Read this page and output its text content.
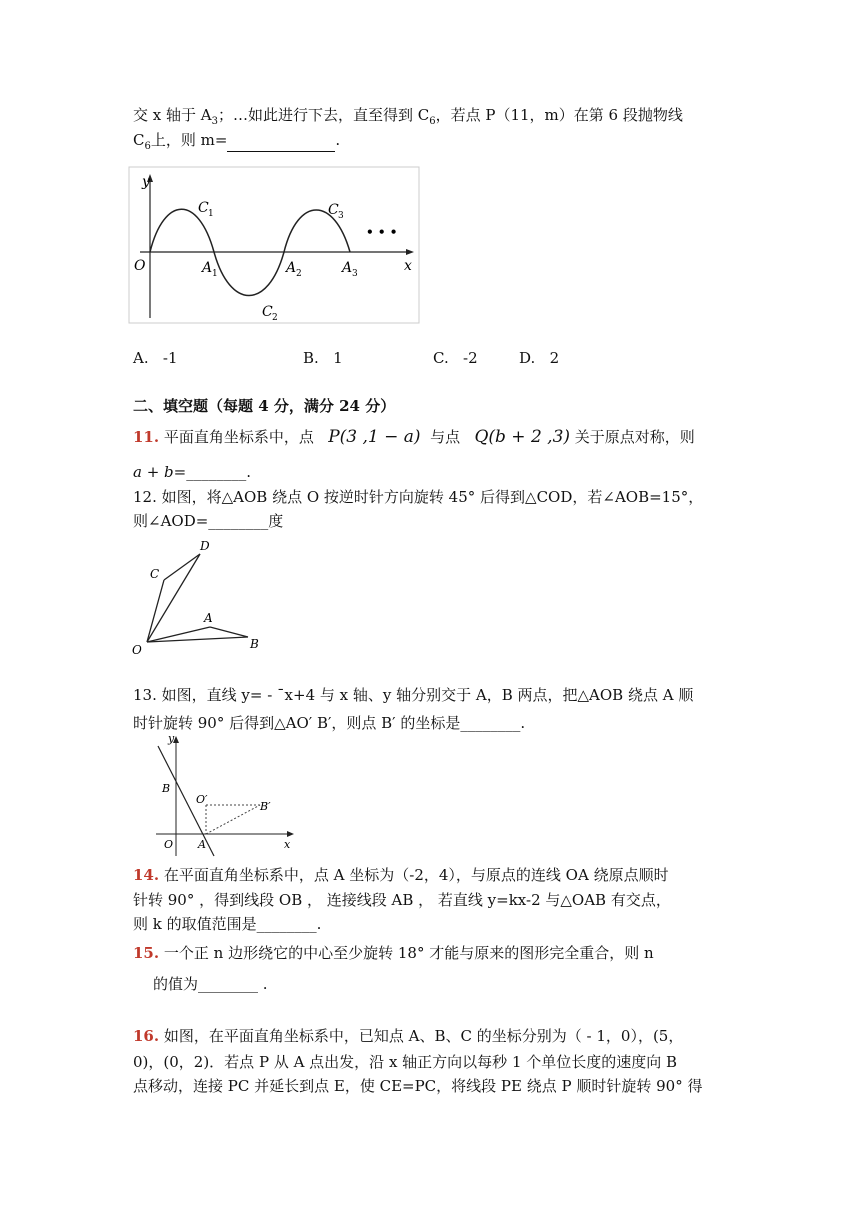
交 x 轴于 $A_3$；…如此进行下去，直至得到 $C_6$，若点 P（11，m）在第 6 段抛物线
$C_6$上，则 m=	.
y
x
O
C 1
C 2
C 3
A 1	A 2	A 3
• • •
A. -1	B. 1	C. -2	D. 2
二、填空题（每题 4 分，满分 24 分）
11. 平面直角坐标系中，点 P(3 ,1 − a) 与点 Q(b + 2 ,3) 关于原点对称，则
a + b=________.
12. 如图，将△AOB 绕点 O 按逆时针方向旋转 45° 后得到△COD，若∠AOB=15°，
则∠AOD=________度
D
C
A
O	B
13. 如图，直线 y= - ¯x+4 与 x 轴、y 轴分别交于 A，B 两点，把△AOB 绕点 A 顺
时针旋转 90° 后得到△AO′ B′，则点 B′ 的坐标是________.
y
B
O′
B′
O A	x
14. 在平面直角坐标系中，点 A 坐标为（-2，4），与原点的连线 OA 绕原点顺时
针转 90° ，得到线段 OB ， 连接线段 AB ， 若直线 y=kx-2 与△OAB 有交点，
则 k 的取值范围是________.
15. 一个正 n 边形绕它的中心至少旋转 18° 才能与原来的图形完全重合，则 n
的值为________ .
16. 如图，在平面直角坐标系中，已知点 A、B、C 的坐标分别为（ - 1，0），(5，
0)，(0，2)．若点 P 从 A 点出发，沿 x 轴正方向以每秒 1 个单位长度的速度向 B
点移动，连接 PC 并延长到点 E，使 CE=PC，将线段 PE 绕点 P 顺时针旋转 90° 得
